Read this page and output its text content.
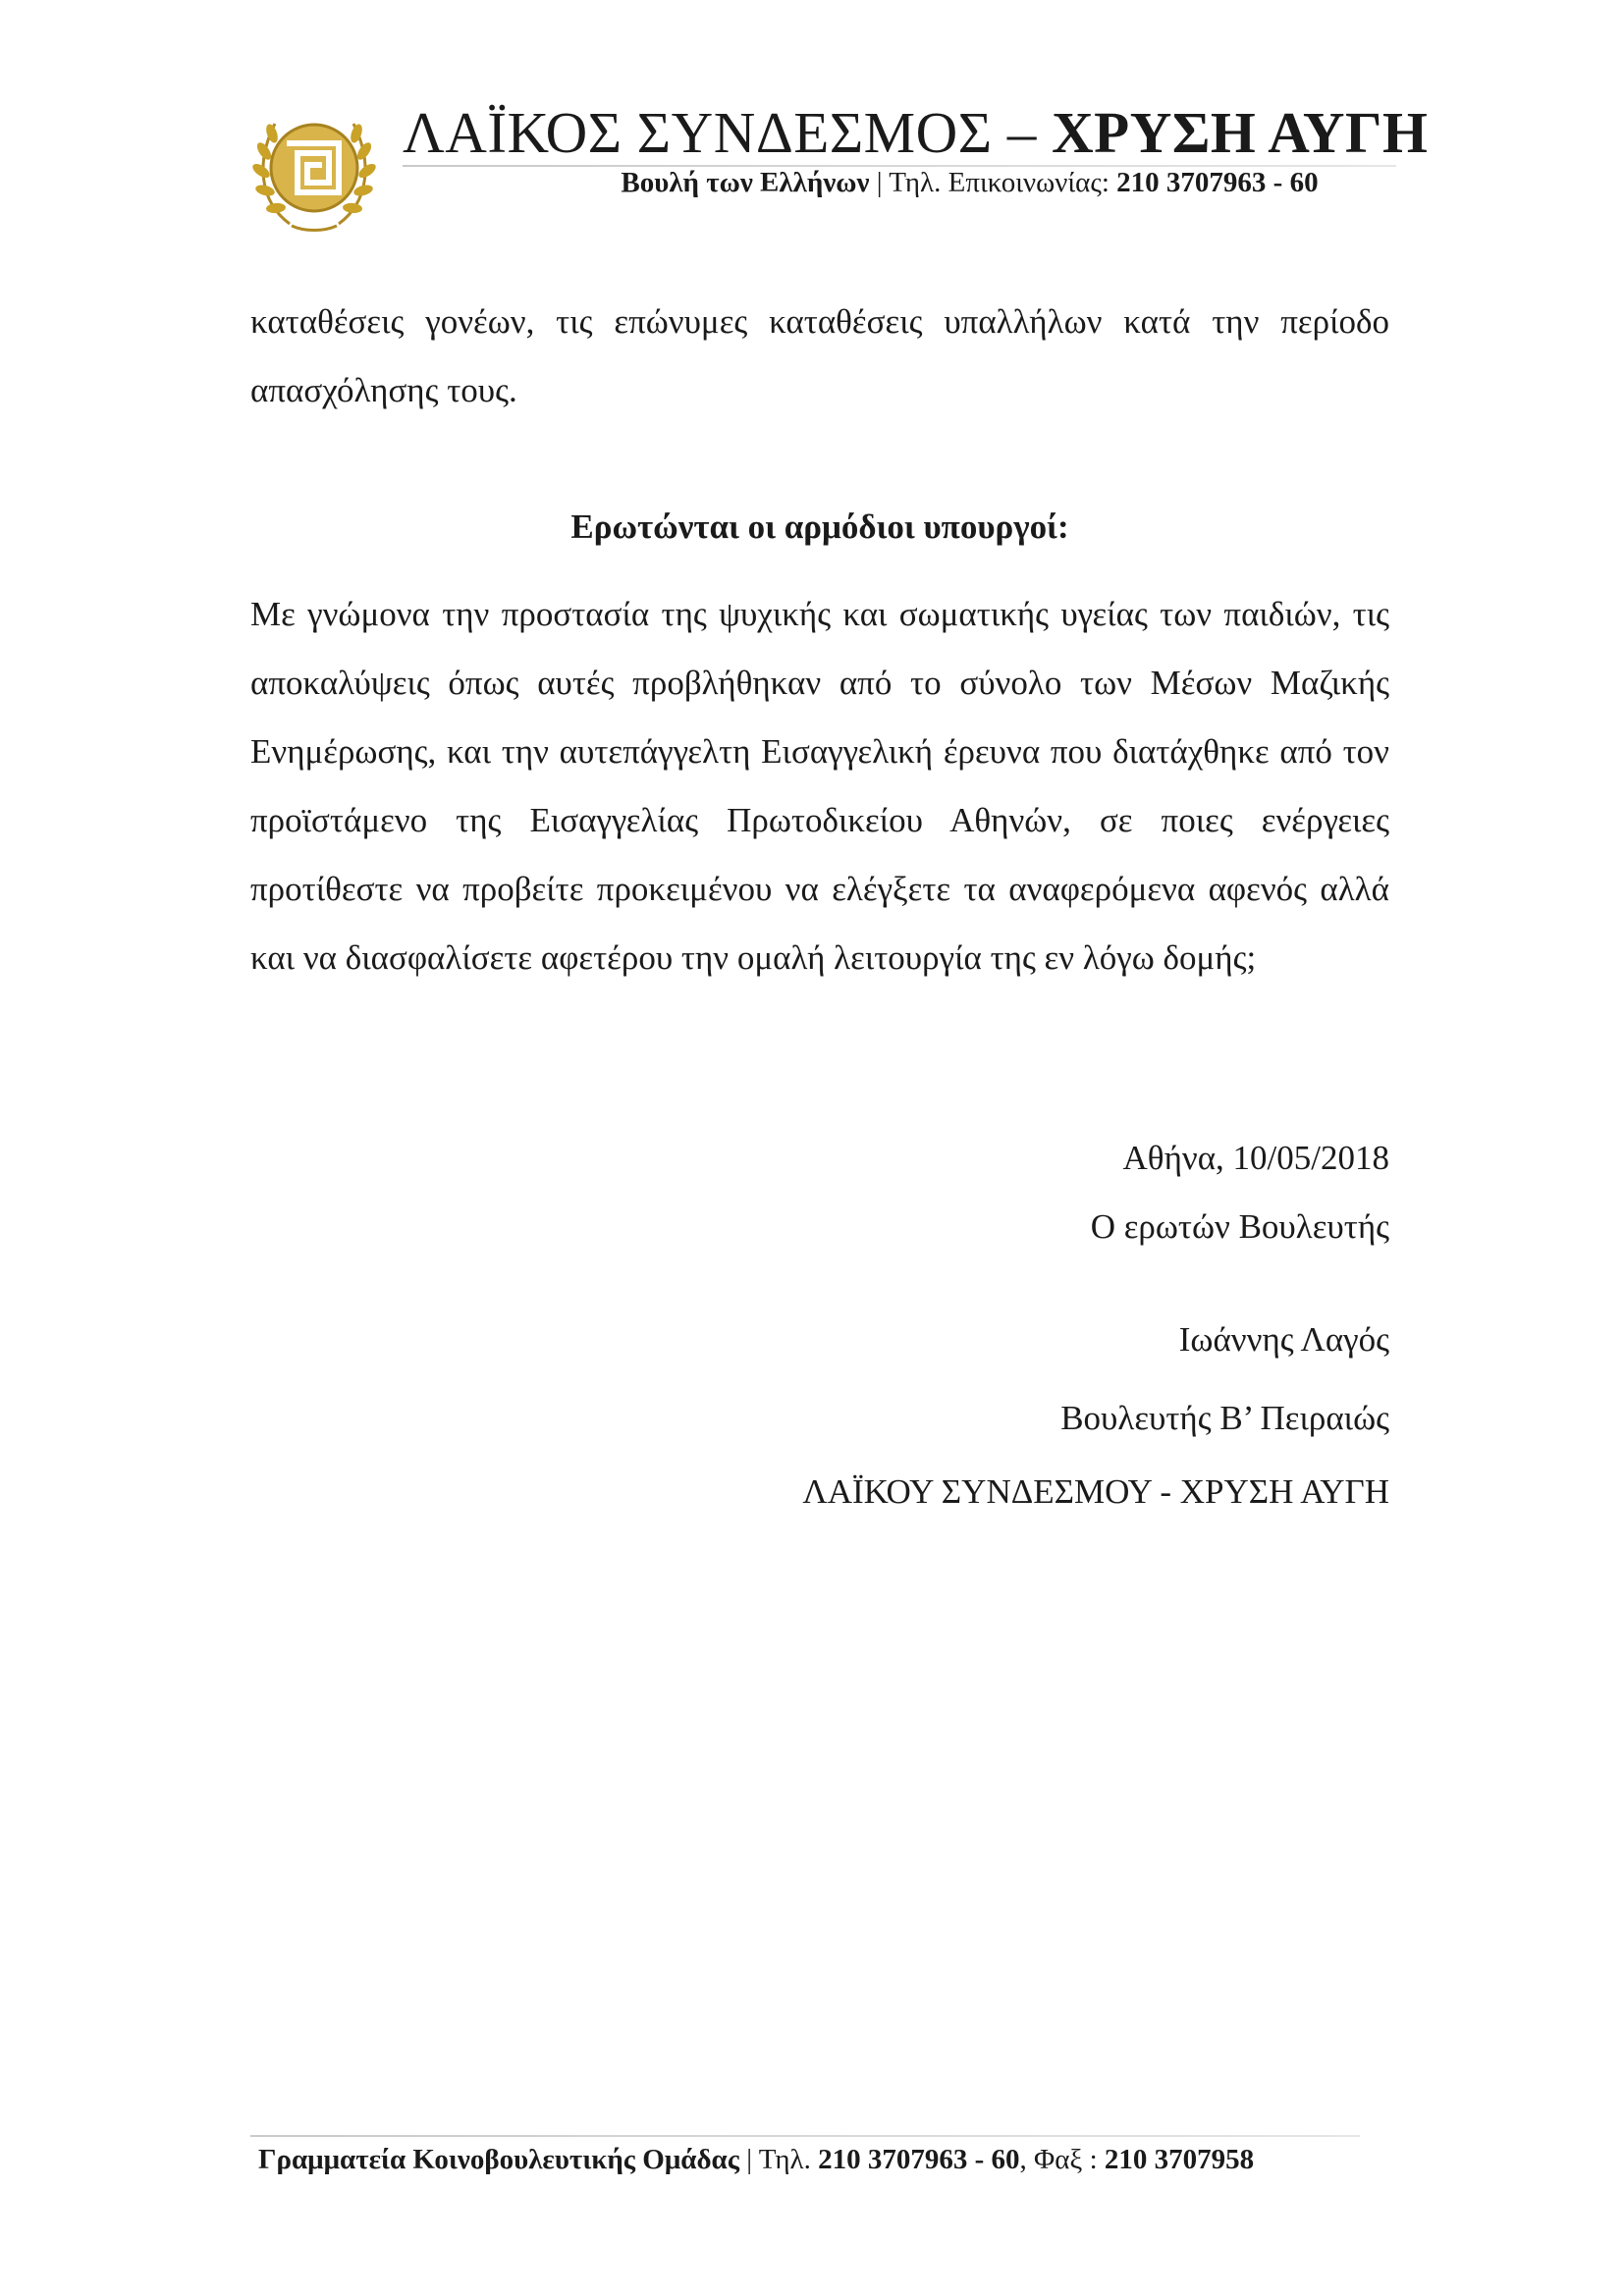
ΛΑΪΚΟΣ ΣΥΝΔΕΣΜΟΣ – ΧΡΥΣΗ ΑΥΓΗ
Βουλή των Ελλήνων | Τηλ. Επικοινωνίας: 210 3707963 - 60

καταθέσεις γονέων, τις επώνυμες καταθέσεις υπαλλήλων κατά την περίοδο απασχόλησης τους.

Ερωτώνται οι αρμόδιοι υπουργοί:

Με γνώμονα την προστασία της ψυχικής και σωματικής υγείας των παιδιών, τις αποκαλύψεις όπως αυτές προβλήθηκαν από το σύνολο των Μέσων Μαζικής Ενημέρωσης, και την αυτεπάγγελτη Εισαγγελική έρευνα που διατάχθηκε από τον προϊστάμενο της Εισαγγελίας Πρωτοδικείου Αθηνών, σε ποιες ενέργειες προτίθεστε να προβείτε προκειμένου να ελέγξετε τα αναφερόμενα αφενός αλλά και να διασφαλίσετε αφετέρου την ομαλή λειτουργία της εν λόγω δομής;

Αθήνα, 10/05/2018
Ο ερωτών Βουλευτής
Ιωάννης Λαγός
Βουλευτής Β’ Πειραιώς
ΛΑΪΚΟΥ ΣΥΝΔΕΣΜΟΥ - ΧΡΥΣΗ ΑΥΓΗ
Γραμματεία Κοινοβουλευτικής Ομάδας | Τηλ. 210 3707963 - 60, Φαξ : 210 3707958
